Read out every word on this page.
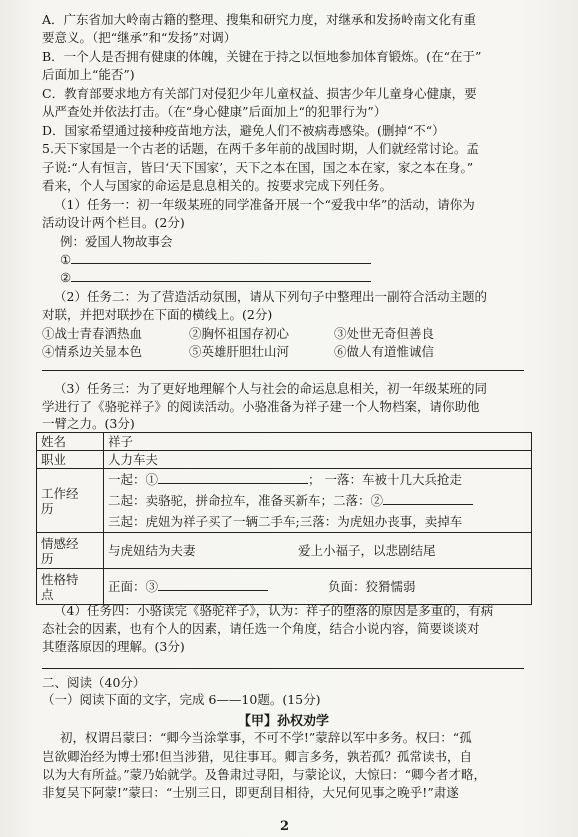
A．广东省加大岭南古籍的整理、搜集和研究力度，对继承和发扬岭南文化有重
要意义。（把“继承”和“发扬”对调）
B．一个人是否拥有健康的体魄，关键在于持之以恒地参加体育锻炼。(在“在于”
后面加上“能否”)
C．教育部要求地方有关部门对侵犯少年儿童权益、损害少年儿童身心健康，要
从严查处并依法打击。（在“身心健康”后面加上“的犯罪行为”）
D．国家希望通过接种疫苗地方法，避免人们不被病毒感染。(删掉“不“）
5.天下家国是一个古老的话题，在两千多年前的战国时期，人们就经常讨论。孟
子说:“人有恒言，皆曰‘天下国家’，天下之本在国，国之本在家，家之本在身。”
看来，个人与国家的命运是息息相关的。按要求完成下列任务。
（1）任务一：初一年级某班的同学准备开展一个“爱我中华”的活动，请你为
活动设计两个栏目。(2分)
例：爱国人物故事会
①
②
（2）任务二：为了营造活动氛围，请从下列句子中整理出一副符合活动主题的
对联，并把对联抄在下面的横线上。(2分)
①战士青春洒热血	②胸怀祖国存初心	③处世无奇但善良
④情系边关显本色	⑤英雄肝胆壮山河	⑥做人有道惟诚信
（3）任务三：为了更好地理解个人与社会的命运息息相关，初一年级某班的同
学进行了《骆驼祥子》的阅读活动。小骆准备为祥子建一个人物档案，请你助他
一臂之力。(3分)
姓名	祥子
职业	人力车夫
工作经
历	一起：① ； 一落：车被十几大兵抢走
二起：卖骆驼，拼命拉车，准备买新车；二落：②
三起：虎妞为祥子买了一辆二手车;三落：为虎妞办丧事，卖掉车

情感经
历	与虎妞结为夫妻 爱上小福子，以悲剧结尾
性格特
点	正面：③ 负面：狡猾懦弱
（4）任务四：小骆读完《骆驼祥子》，认为：祥子的堕落的原因是多重的，有病
态社会的因素，也有个人的因素，请任选一个角度，结合小说内容，简要谈谈对
其堕落原因的理解。(3分)
二、阅读（40分）
（一）阅读下面的文字，完成 6——10题。(15分)
【甲】孙权劝学
初，权谓吕蒙曰：“卿今当涂掌事，不可不学!”蒙辞以军中多务。权曰：“孤
岂欲卿治经为博士邪!但当涉猎，见往事耳。卿言多务，孰若孤？孤常读书，自
以为大有所益。”蒙乃始就学。及鲁肃过寻阳，与蒙论议，大惊曰：“卿今者才略，
非复吴下阿蒙!”蒙曰：“士别三日，即更刮目相待，大兄何见事之晚乎!”肃遂
2
